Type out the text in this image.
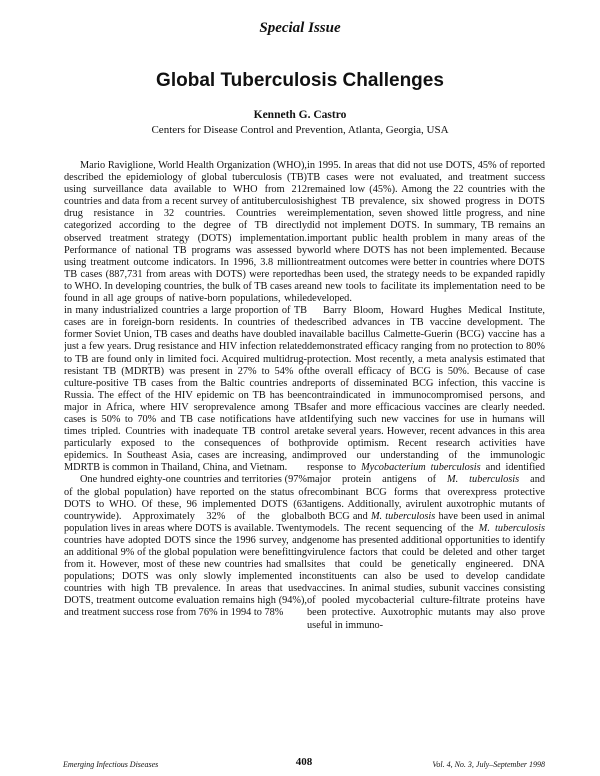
Special Issue
Global Tuberculosis Challenges
Kenneth G. Castro
Centers for Disease Control and Prevention, Atlanta, Georgia, USA

Mario Raviglione, World Health Organization (WHO), described the epidemiology of global tuberculosis (TB) using surveillance data available to WHO from 212 countries and data from a recent survey of antituberculosis drug resistance in 32 countries. Countries were categorized according to the degree of TB directly observed treatment strategy (DOTS) implementation. Performance of national TB programs was assessed by using treatment outcome indicators. In 1996, 3.8 million TB cases (887,731 from areas with DOTS) were reported to WHO. In developing countries, the bulk of TB cases are found in all age groups of native-born populations, while in many industrialized countries a large proportion of TB cases are in foreign-born residents. In countries of the former Soviet Union, TB cases and deaths have doubled in just a few years. Drug resistance and HIV infection related to TB are found only in limited foci. Acquired multidrug-resistant TB (MDRTB) was present in 27% to 54% of culture-positive TB cases from the Baltic countries and Russia. The effect of the HIV epidemic on TB has been major in Africa, where HIV seroprevalence among TB cases is 50% to 70% and TB case notifications have at times tripled. Countries with inadequate TB control are particularly exposed to the consequences of both epidemics. In Southeast Asia, cases are increasing, and MDRTB is common in Thailand, China, and Vietnam.

One hundred eighty-one countries and territories (97% of the global population) have reported on the status of DOTS to WHO. Of these, 96 implemented DOTS (63 countrywide). Approximately 32% of the global population lives in areas where DOTS is available. Twenty countries have adopted DOTS since the 1996 survey, and an additional 9% of the global population were benefitting from it. However, most of these new countries had small populations; DOTS was only slowly implemented in countries with high TB prevalence. In areas that used DOTS, treatment outcome evaluation remains high (94%), and treatment success rose from 76% in 1994 to 78%

in 1995. In areas that did not use DOTS, 45% of reported TB cases were not evaluated, and treatment success remained low (45%). Among the 22 countries with the highest TB prevalence, six showed progress in DOTS implementation, seven showed little progress, and nine did not implement DOTS. In summary, TB remains an important public health problem in many areas of the world where DOTS has not been implemented. Because treatment outcomes were better in countries where DOTS has been used, the strategy needs to be expanded rapidly and new tools to facilitate its implementation need to be developed.

Barry Bloom, Howard Hughes Medical Institute, described advances in TB vaccine development. The available bacillus Calmette-Guerin (BCG) vaccine has a demonstrated efficacy ranging from no protection to 80% protection. Most recently, a meta analysis estimated that the overall efficacy of BCG is 50%. Because of case reports of disseminated BCG infection, this vaccine is contraindicated in immunocompromised persons, and safer and more efficacious vaccines are clearly needed. Identifying such new vaccines for use in humans will take several years. However, recent advances in this area provide optimism. Recent research activities have improved our understanding of the immunologic response to Mycobacterium tuberculosis and identified major protein antigens of M. tuberculosis and recombinant BCG forms that overexpress protective antigens. Additionally, avirulent auxotrophic mutants of both BCG and M. tuberculosis have been used in animal models. The recent sequencing of the M. tuberculosis genome has presented additional opportunities to identify virulence factors that could be deleted and other target sites that could be genetically engineered. DNA constituents can also be used to develop candidate vaccines. In animal studies, subunit vaccines consisting of pooled mycobacterial culture-filtrate proteins have been protective. Auxotrophic mutants may also prove useful in immuno-

Emerging Infectious Diseases	408	Vol. 4, No. 3, July–September 1998
